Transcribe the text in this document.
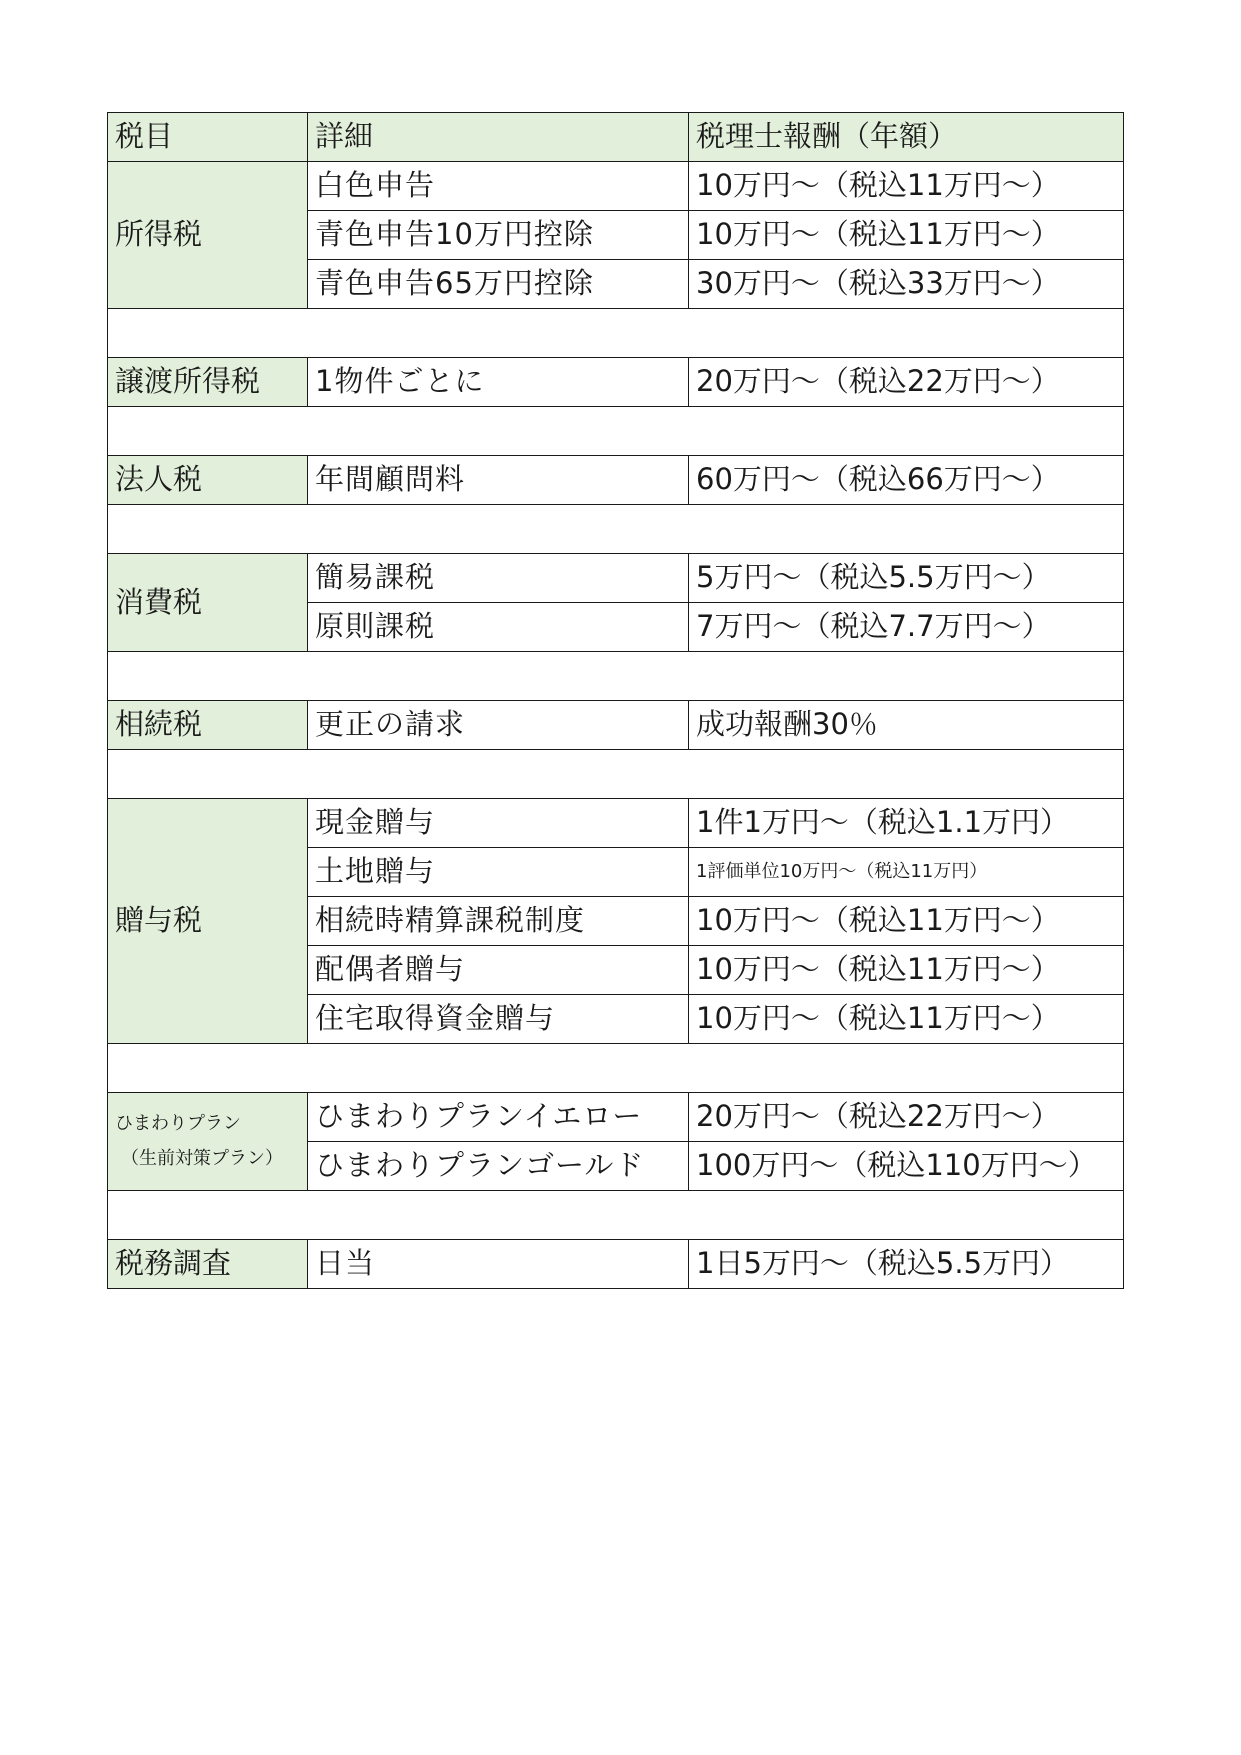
税目	詳細	税理士報酬（年額）
所得税	白色申告	10万円～（税込11万円～）
	青色申告10万円控除	10万円～（税込11万円～）
	青色申告65万円控除	30万円～（税込33万円～）

譲渡所得税	1物件ごとに	20万円～（税込22万円～）

法人税	年間顧問料	60万円～（税込66万円～）

消費税	簡易課税	5万円～（税込5.5万円～）
	原則課税	7万円～（税込7.7万円～）

相続税	更正の請求	成功報酬30％

贈与税	現金贈与	1件1万円～（税込1.1万円）
	土地贈与	1評価単位10万円～（税込11万円）
	相続時精算課税制度	10万円～（税込11万円～）
	配偶者贈与	10万円～（税込11万円～）
	住宅取得資金贈与	10万円～（税込11万円～）

ひまわりプラン
（生前対策プラン）	ひまわりプランイエロー	20万円～（税込22万円～）
	ひまわりプランゴールド	100万円～（税込110万円～）

税務調査	日当	1日5万円～（税込5.5万円）
